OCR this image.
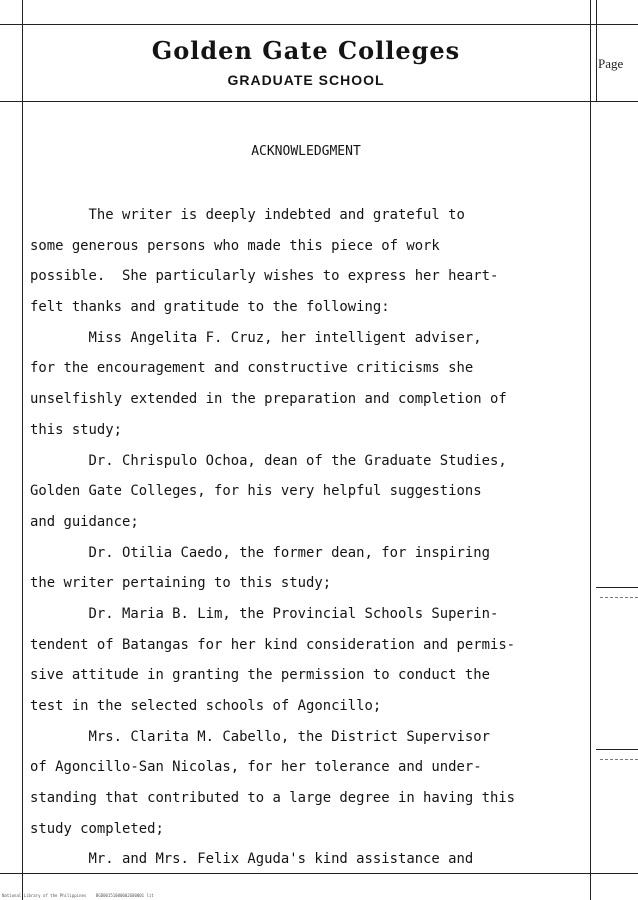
Golden Gate Colleges
GRADUATE SCHOOL
Page
ACKNOWLEDGMENT
The writer is deeply indebted and grateful to
some generous persons who made this piece of work
possible.  She particularly wishes to express her heart-
felt thanks and gratitude to the following:
Miss Angelita F. Cruz, her intelligent adviser,
for the encouragement and constructive criticisms she
unselfishly extended in the preparation and completion of
this study;
Dr. Chrispulo Ochoa, dean of the Graduate Studies,
Golden Gate Colleges, for his very helpful suggestions
and guidance;
Dr. Otilia Caedo, the former dean, for inspiring
the writer pertaining to this study;
Dr. Maria B. Lim, the Provincial Schools Superin-
tendent of Batangas for her kind consideration and permis-
sive attitude in granting the permission to conduct the
test in the selected schools of Agoncillo;
Mrs. Clarita M. Cabello, the District Supervisor
of Agoncillo-San Nicolas, for her tolerance and under-
standing that contributed to a large degree in having this
study completed;
Mr. and Mrs. Felix Aguda's kind assistance and
National Library of the Philippines    BGD00151000002600001 lit
